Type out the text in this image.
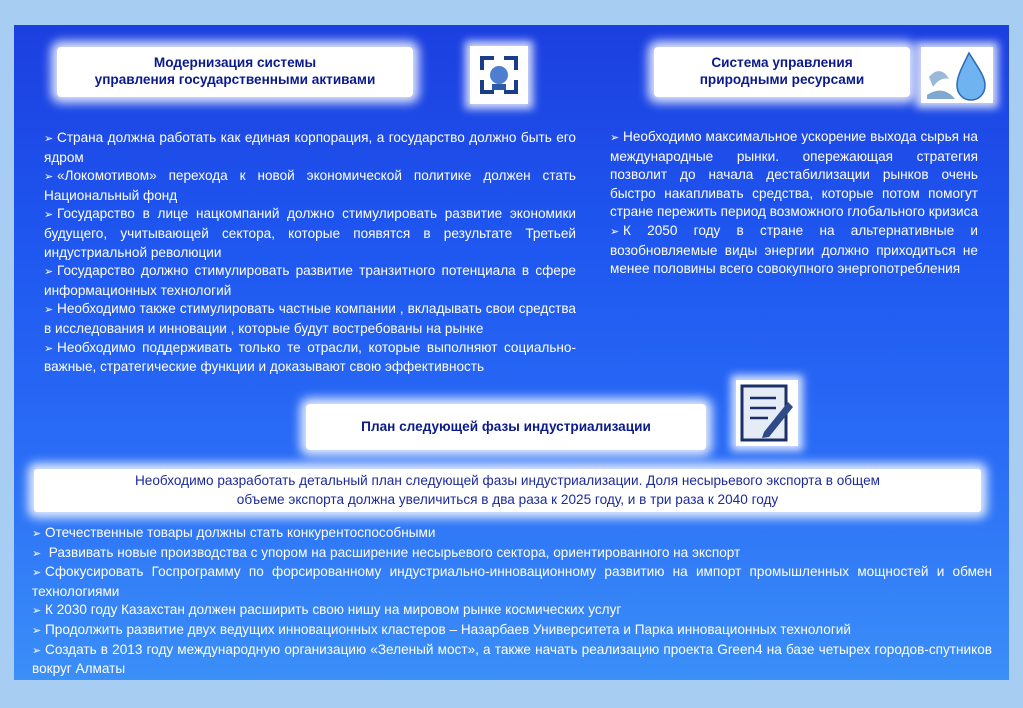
Модернизация системы
управления государственными активами
Система управления
природными ресурсами

➢ Страна должна работать как единая корпорация, а государство должно быть его ядром

➢ «Локомотивом» перехода к новой экономической политике должен стать Национальный фонд

➢ Государство в лице нацкомпаний должно стимулировать развитие экономики будущего, учитывающей сектора, которые появятся в результате Третьей индустриальной революции

➢ Государство должно стимулировать развитие транзитного потенциала в сфере информационных технологий

➢ Необходимо также стимулировать частные компании , вкладывать свои средства в исследования и инновации , которые будут востребованы на рынке

➢ Необходимо поддерживать только те отрасли, которые выполняют социально-важные, стратегические функции и доказывают свою эффективность

➢ Необходимо максимальное ускорение выхода сырья на международные рынки. опережающая стратегия позволит до начала дестабилизации рынков очень быстро накапливать средства, которые потом помогут стране пережить период возможного глобального кризиса

➢ К 2050 году в стране на альтернативные и возобновляемые виды энергии должно приходиться не менее половины всего совокупного энергопотребления

План следующей фазы индустриализации
Необходимо разработать детальный план следующей фазы индустриализации. Доля несырьевого экспорта в общем
объеме экспорта должна увеличиться в два раза к 2025 году, и в три раза к 2040 году

➢ Отечественные товары должны стать конкурентоспособными

➢ Развивать новые производства с упором на расширение несырьевого сектора, ориентированного на экспорт

➢ Сфокусировать Госпрограмму по форсированному индустриально-инновационному развитию на импорт промышленных мощностей и обмен технологиями

➢ К 2030 году Казахстан должен расширить свою нишу на мировом рынке космических услуг

➢ Продолжить развитие двух ведущих инновационных кластеров – Назарбаев Университета и Парка инновационных технологий

➢ Создать в 2013 году международную организацию «Зеленый мост», а также начать реализацию проекта Green4 на базе четырех городов-спутников вокруг Алматы
